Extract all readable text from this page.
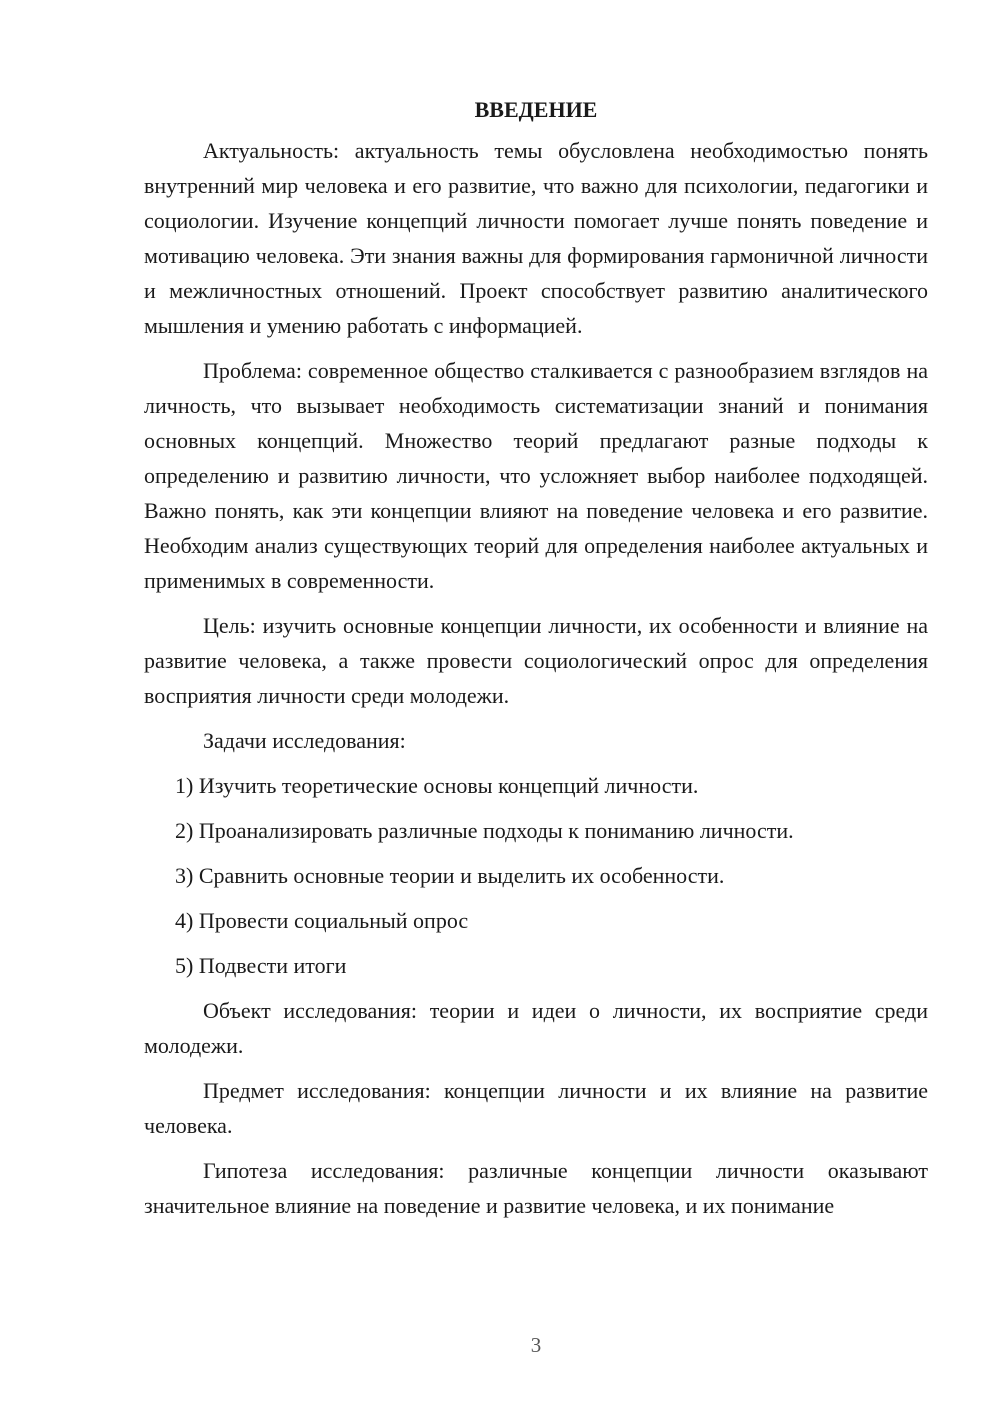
ВВЕДЕНИЕ

Актуальность: актуальность темы обусловлена необходимостью понять внутренний мир человека и его развитие, что важно для психологии, педагогики и социологии. Изучение концепций личности помогает лучше понять поведение и мотивацию человека. Эти знания важны для формирования гармоничной личности и межличностных отношений. Проект способствует развитию аналитического мышления и умению работать с информацией.

Проблема: современное общество сталкивается с разнообразием взглядов на личность, что вызывает необходимость систематизации знаний и понимания основных концепций. Множество теорий предлагают разные подходы к определению и развитию личности, что усложняет выбор наиболее подходящей. Важно понять, как эти концепции влияют на поведение человека и его развитие. Необходим анализ существующих теорий для определения наиболее актуальных и применимых в современности.

Цель: изучить основные концепции личности, их особенности и влияние на развитие человека, а также провести социологический опрос для определения восприятия личности среди молодежи.

Задачи исследования:

1) Изучить теоретические основы концепций личности.

2) Проанализировать различные подходы к пониманию личности.

3) Сравнить основные теории и выделить их особенности.

4) Провести социальный опрос

5) Подвести итоги

Объект исследования: теории и идеи о личности, их восприятие среди молодежи.

Предмет исследования: концепции личности и их влияние на развитие человека.

Гипотеза исследования: различные концепции личности оказывают значительное влияние на поведение и развитие человека, и их понимание

3
